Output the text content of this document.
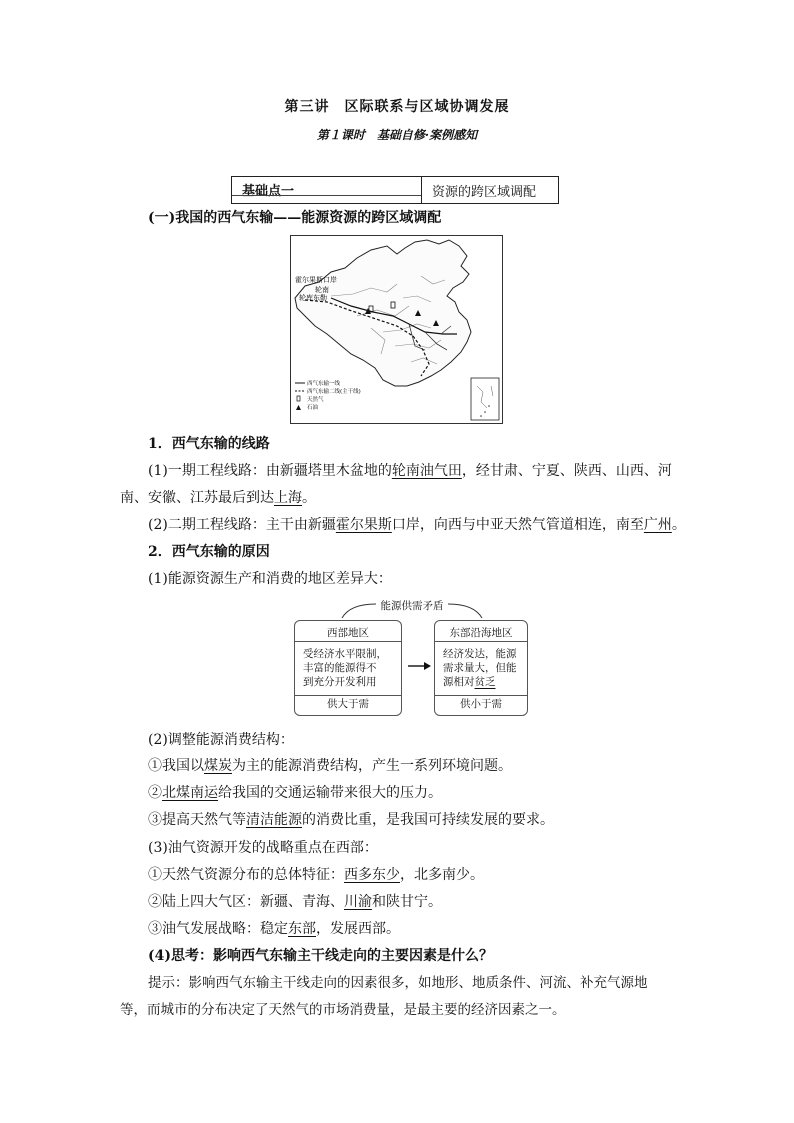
第三讲　区际联系与区域协调发展
第１课时　基础自修·案例感知
基础点一	资源的跨区域调配
(一)我国的西气东输——能源资源的跨区域调配
霍尔果斯口岸
轮南
轮库东勒
西气东输一线
西气东输二线(主干线)
天然气
石油
1．西气东输的线路
(1)一期工程线路：由新疆塔里木盆地的轮南油气田，经甘肃、宁夏、陕西、山西、河
南、安徽、江苏最后到达上海。
(2)二期工程线路：主干由新疆霍尔果斯口岸，向西与中亚天然气管道相连，南至广州。
2．西气东输的原因
(1)能源资源生产和消费的地区差异大：
能源供需矛盾
西部地区
受经济水平限制，
丰富的能源得不
到充分开发利用
供大于需
东部沿海地区
经济发达，能源
需求量大，但能
源相对贫乏
供小于需
(2)调整能源消费结构：
①我国以煤炭为主的能源消费结构，产生一系列环境问题。
②北煤南运给我国的交通运输带来很大的压力。
③提高天然气等清洁能源的消费比重，是我国可持续发展的要求。
(3)油气资源开发的战略重点在西部：
①天然气资源分布的总体特征：西多东少，北多南少。
②陆上四大气区：新疆、青海、川渝和陕甘宁。
③油气发展战略：稳定东部，发展西部。
(4)思考：影响西气东输主干线走向的主要因素是什么？
提示：影响西气东输主干线走向的因素很多，如地形、地质条件、河流、补充气源地
等，而城市的分布决定了天然气的市场消费量，是最主要的经济因素之一。
